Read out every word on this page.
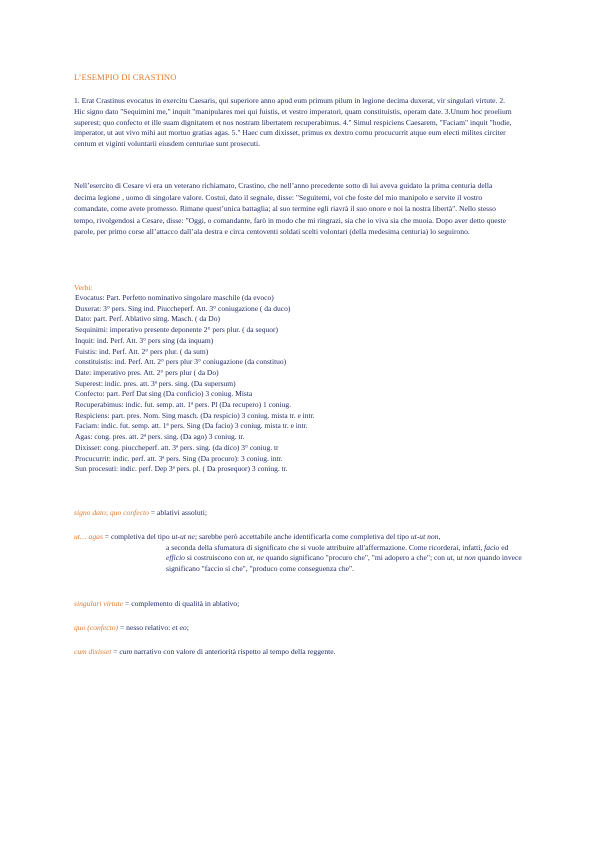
L’ESEMPIO DI CRASTINO
1. Erat Crastinus evocatus in exercitu Caesaris, qui superiore anno apud eum primum pilum in legione decima duxerat, vir singulari virtute. 2. Hic signo dato "Sequimini me," inquit "manipulares mei qui fuistis, et vestro imperatori, quam constituistis, operam date. 3.Unum hoc proelium superest; quo confecto et ille suam dignitatem et nos nostram libertatem recuperabimus. 4." Simul respiciens Caesarem, "Faciam" inquit "hodie, imperator, ut aut vivo mihi aut mortuo gratias agas. 5." Haec cum dixisset, primus ex dextro cornu procucurrit atque eum electi milites circiter centum et viginti voluntarii eiusdem centuriae sunt prosecuti.
Nell’esercito di Cesare vi era un veterano richiamato, Crastino, che nell’anno precedente sotto di lui aveva guidato la prima centuria della decima legione , uomo di singolare valore. Costui, dato il segnale, disse: "Seguitemi, voi che foste del mio manipolo e servite il vostro comandate, come avete promesso. Rimane quest’unica battaglia; al suo termine egli riavrà il suo onore e noi la nostra libertà". Nello stesso tempo, rivolgendosi a Cesare, disse: "Oggi, o comandante, farò in modo che mi ringrazi, sia che io viva sia che muoia. Dopo aver detto queste parole, per primo corse all’attacco dall’ala destra e circa centoventi soldati scelti volontari (della medesima centuria) lo seguirono.
Verbi:
Evocatus: Part. Perfetto nominativo singolare maschile (da evoco)
Duxerat: 3° pers. Sing ind. Piuccheperf. Att. 3° coniugazione ( da duco)
Dato: part. Perf. Ablativo simg. Masch. ( da Do)
Sequinimi: imperativo presente deponente 2° pers plur. ( da sequor)
Inquit: ind. Perf. Att. 3° pers sing (da inquam)
Fuistis: ind. Perf. Att. 2° pers plur. ( da sum)
constituistis: ind. Perf. Att. 2° pers plur 3° coniugazione (da constituo)
Date: imperativo pres. Att. 2° pers plur ( da Do)
Superest: indic. pres. att. 3ª pers. sing. (Da supersum)
Confecto: part. Perf Dat sing (Da conficio) 3 coniug. Mista
Recuperabimus: indic. fut. semp. att. 1ª pers. Pl (Da recupero) 1 coniug.
Respiciens: part. pres. Nom. Sing masch. (Da respicio) 3 coniug. mista tr. e intr.
Faciam: indic. fut. semp. att. 1ª pers. Sing (Da facio) 3 coniug. mista tr. e intr.
Agas: cong. pres. att. 2ª pers. sing. (Da ago) 3 coniug. tr.
Dixisset: cong. piuccheperf. att. 3ª pers. sing. (da dico) 3° coniug. tr
Procucurrit: indic. perf. att. 3ª pers. Sing (Da procuro): 3 coniug. intr.
Sun procesuti: indic. perf. Dep 3ª pers. pl. ( Da prosequor) 3 coniug. tr.
signo dato; quo confecto = ablativi assoluti;
ut… agas = completiva del tipo ut-ut ne; sarebbe però accettabile anche identificarla come completiva del tipo ut-ut non,
a seconda della sfumatura di significato che si vuole attribuire all'affermazione. Come ricorderai, infatti, facio ed efficio si costruiscono con ut, ne quando significano "procuro che", "mi adopero a che"; con ut, ut non quando invece significano "faccio sì che", "produco come conseguenza che".
singulari virtute = complemento di qualità in ablativo;
quo (confecto) = nesso relativo: et eo;
cum dixisset = cum narrativo con valore di anteriorità rispetto al tempo della reggente.
